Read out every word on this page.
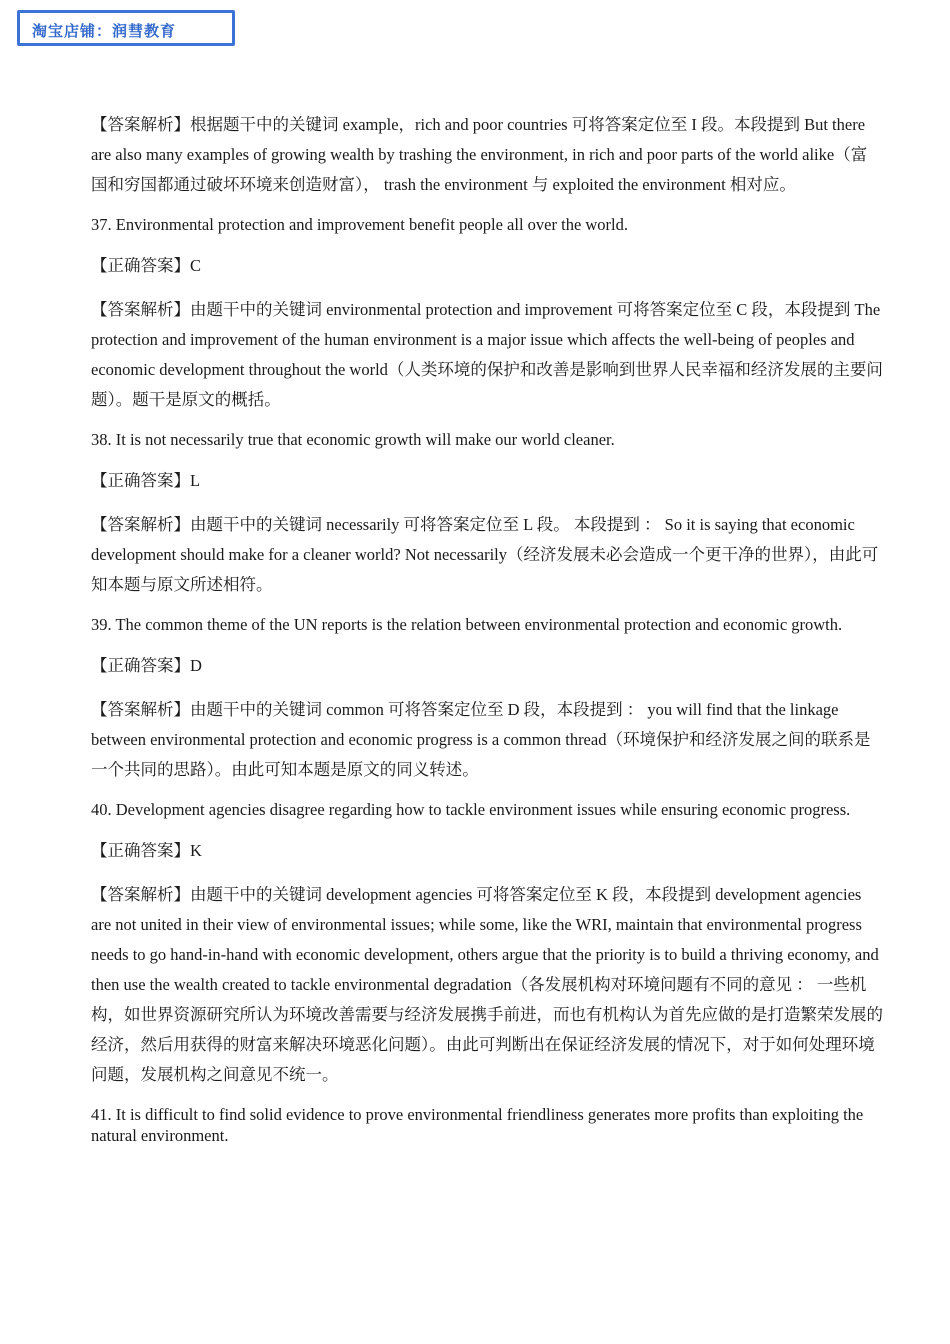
淘宝店铺：润彗教育

【答案解析】根据题干中的关键词 example，rich and poor countries 可将答案定位至 I 段。本段提到 But there are also many examples of growing wealth by trashing the environment, in rich and poor parts of the world alike（富国和穷国都通过破坏环境来创造财富）， trash the environment 与 exploited the environment 相对应。

37. Environmental protection and improvement benefit people all over the world.

【正确答案】C

【答案解析】由题干中的关键词 environmental protection and improvement 可将答案定位至 C 段，本段提到 The protection and improvement of the human environment is a major issue which affects the well-being of peoples and economic development throughout the world（人类环境的保护和改善是影响到世界人民幸福和经济发展的主要问题）。题干是原文的概括。

38. It is not necessarily true that economic growth will make our world cleaner.

【正确答案】L

【答案解析】由题干中的关键词 necessarily 可将答案定位至 L 段。 本段提到 ： So it is saying that economic development should make for a cleaner world? Not necessarily（经济发展未必会造成一个更干净的世界），由此可知本题与原文所述相符。

39. The common theme of the UN reports is the relation between environmental protection and economic growth.

【正确答案】D

【答案解析】由题干中的关键词 common 可将答案定位至 D 段，本段提到 ： you will find that the linkage between environmental protection and economic progress is a common thread（环境保护和经济发展之间的联系是一个共同的思路）。由此可知本题是原文的同义转述。

40. Development agencies disagree regarding how to tackle environment issues while ensuring economic progress.

【正确答案】K

【答案解析】由题干中的关键词 development agencies 可将答案定位至 K 段，本段提到 development agencies are not united in their view of environmental issues; while some, like the WRI, maintain that environmental progress needs to go hand-in-hand with economic development, others argue that the priority is to build a thriving economy, and then use the wealth created to tackle environmental degradation（各发展机构对环境问题有不同的意见 ： 一些机构，如世界资源研究所认为环境改善需要与经济发展携手前进，而也有机构认为首先应做的是打造繁荣发展的经济，然后用获得的财富来解决环境恶化问题）。由此可判断出在保证经济发展的情况下，对于如何处理环境问题，发展机构之间意见不统一。

41. It is difficult to find solid evidence to prove environmental friendliness generates more profits than exploiting the natural environment.
